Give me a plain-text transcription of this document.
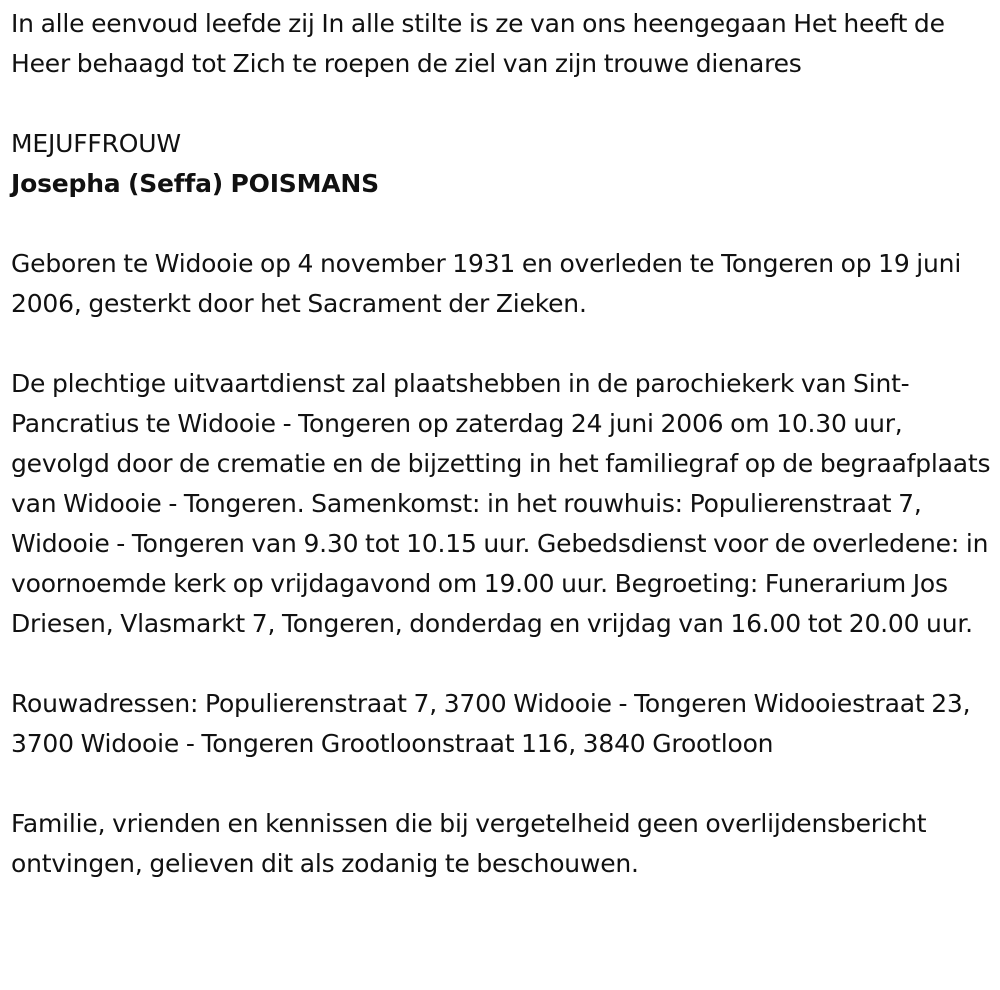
In alle eenvoud leefde zij In alle stilte is ze van ons heengegaan Het heeft de Heer behaagd tot Zich te roepen de ziel van zijn trouwe dienares

MEJUFFROUW

Josepha (Seffa) POISMANS

Geboren te Widooie op 4 november 1931 en overleden te Tongeren op 19 juni 2006, gesterkt door het Sacrament der Zieken.

De plechtige uitvaartdienst zal plaatshebben in de parochiekerk van Sint-Pancratius te Widooie - Tongeren op zaterdag 24 juni 2006 om 10.30 uur, gevolgd door de crematie en de bijzetting in het familiegraf op de begraafplaats van Widooie - Tongeren. Samenkomst: in het rouwhuis: Populierenstraat 7, Widooie - Tongeren van 9.30 tot 10.15 uur. Gebedsdienst voor de overledene: in voornoemde kerk op vrijdagavond om 19.00 uur. Begroeting: Funerarium Jos Driesen, Vlasmarkt 7, Tongeren, donderdag en vrijdag van 16.00 tot 20.00 uur.

Rouwadressen: Populierenstraat 7, 3700 Widooie - Tongeren Widooiestraat 23, 3700 Widooie - Tongeren Grootloonstraat 116, 3840 Grootloon

Familie, vrienden en kennissen die bij vergetelheid geen overlijdensbericht ontvingen, gelieven dit als zodanig te beschouwen.
